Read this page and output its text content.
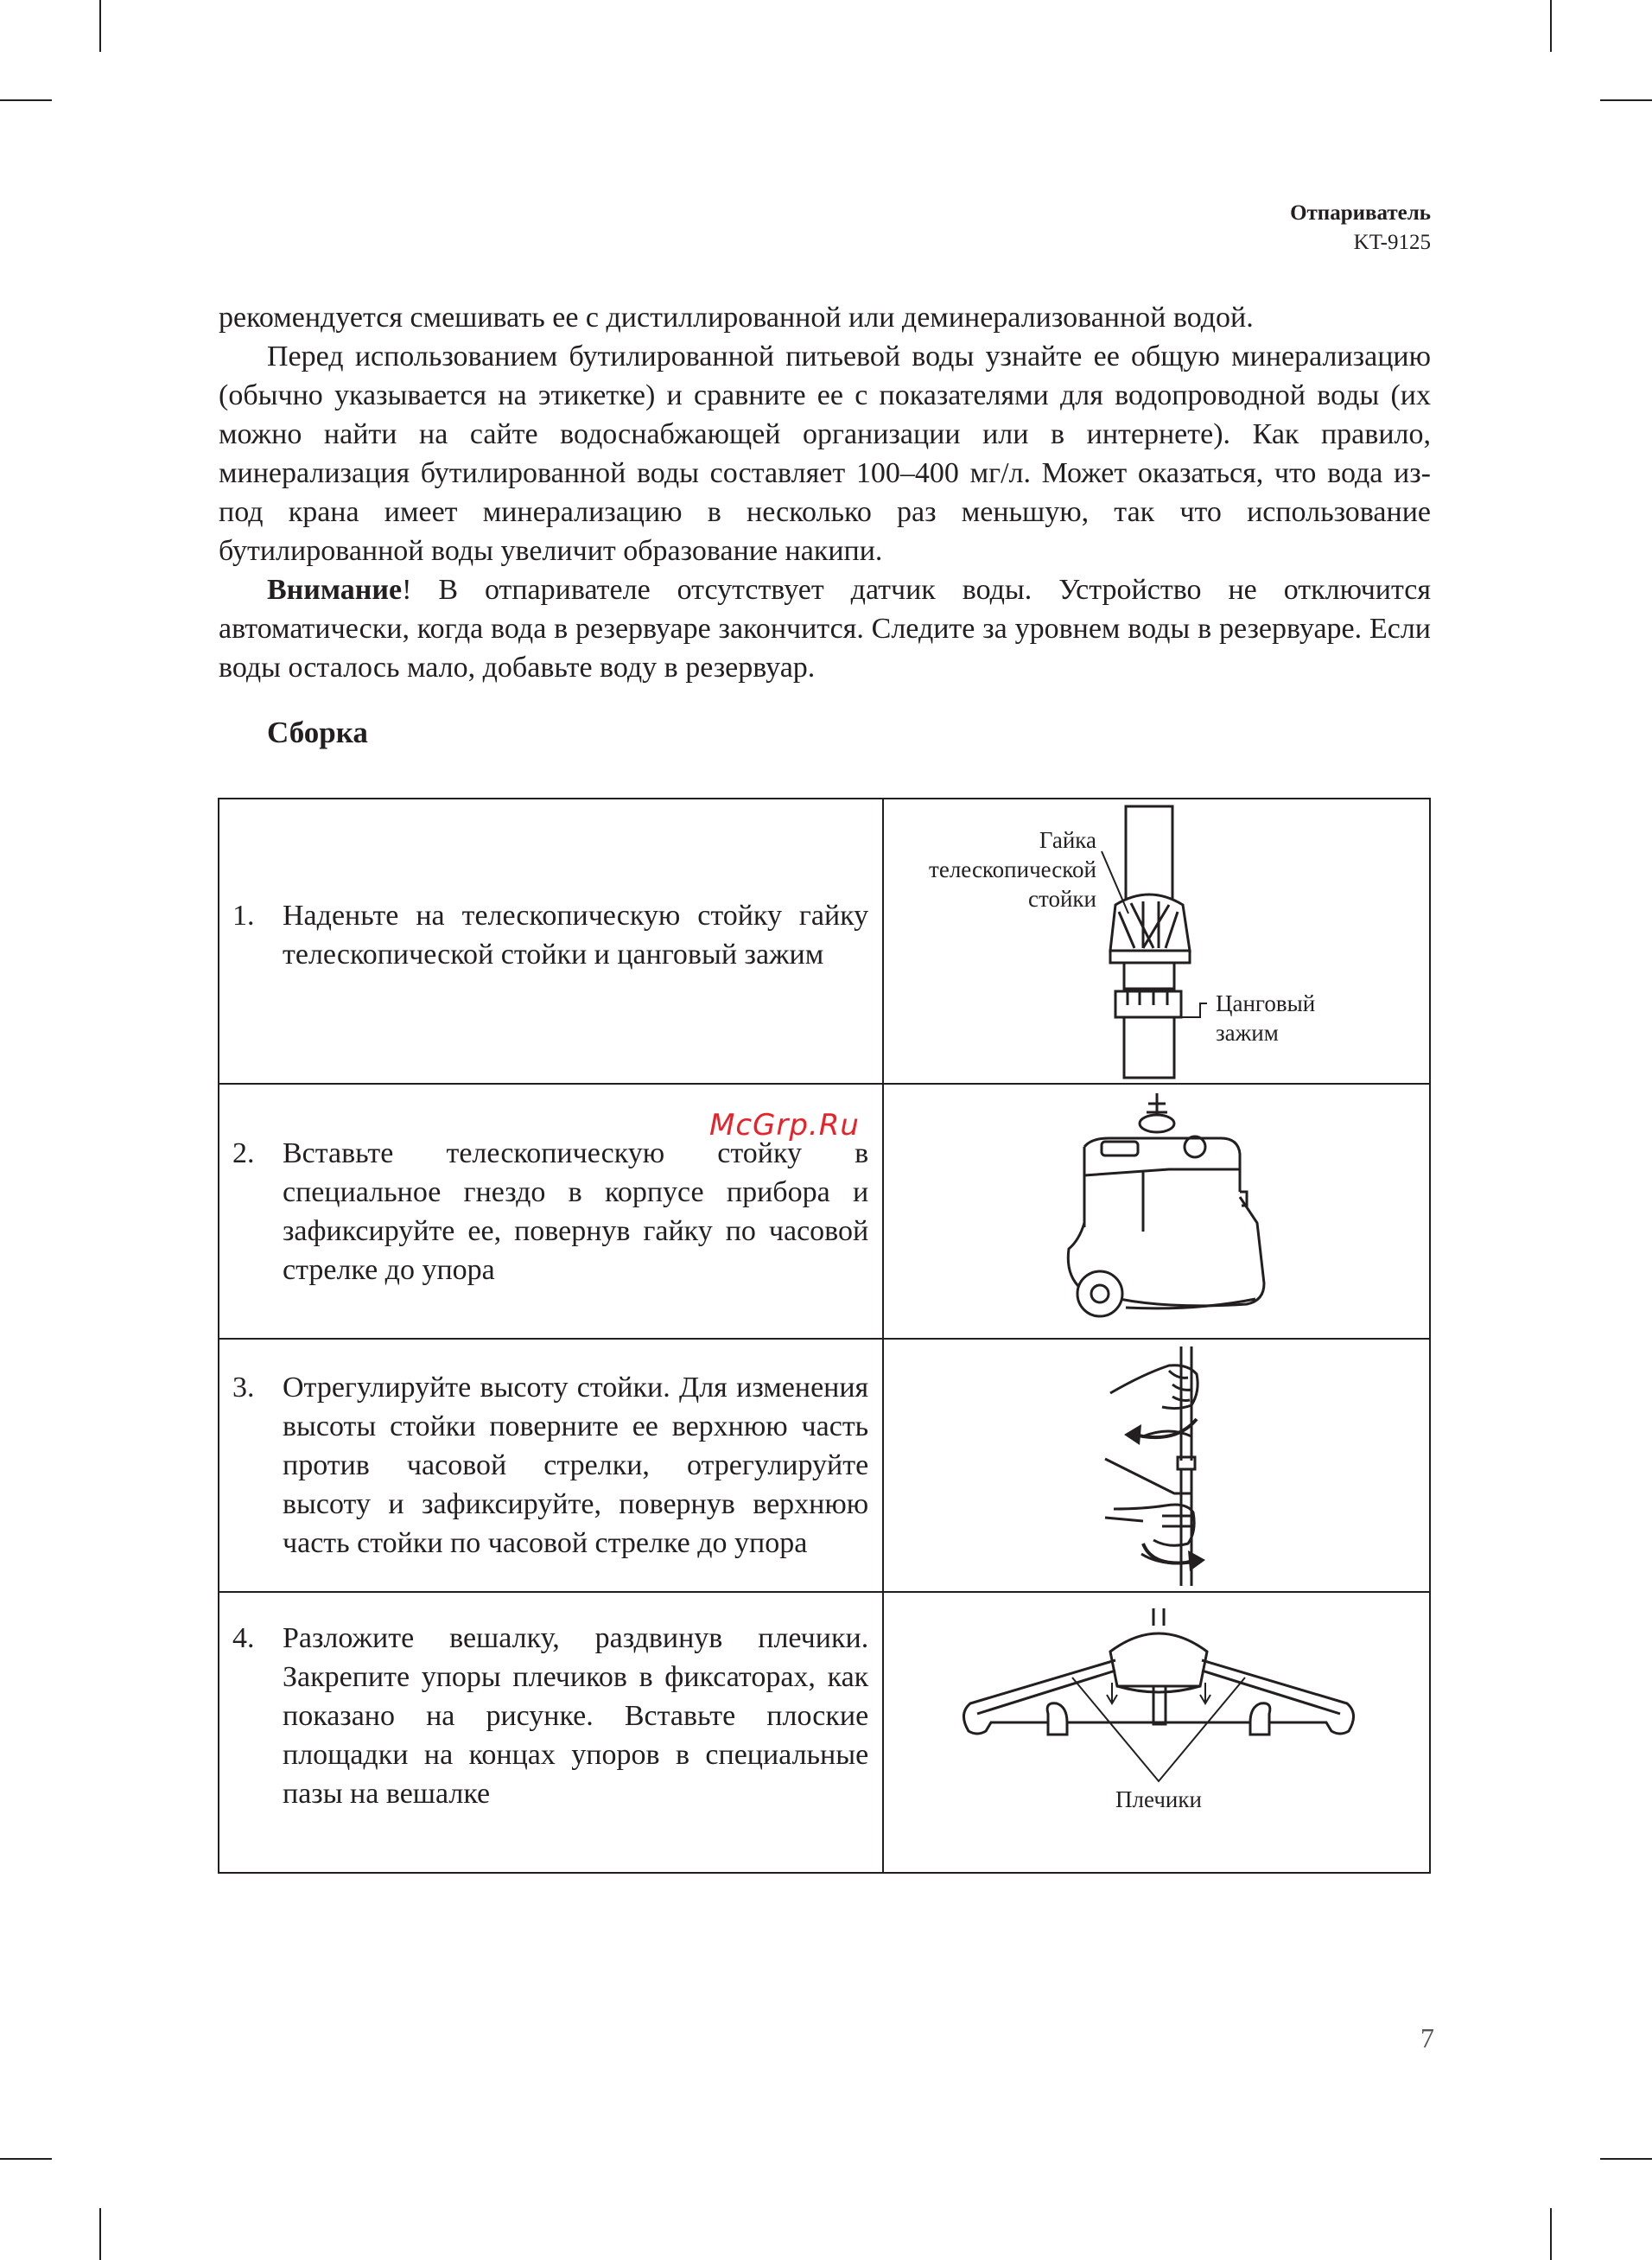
Отпариватель
KT-9125

рекомендуется смешивать ее с дистиллированной или деминерализованной водой.

Перед использованием бутилированной питьевой воды узнайте ее общую минерализацию (обычно указывается на этикетке) и сравните ее с показателями для водопроводной воды (их можно найти на сайте водоснабжающей организации или в интернете). Как правило, минерализация бутилированной воды составляет 100–400 мг/л. Может оказаться, что вода из-под крана имеет минерализацию в несколько раз меньшую, так что использование бутилированной воды увеличит образование накипи.

Внимание! В отпаривателе отсутствует датчик воды. Устройство не отключится автоматически, когда вода в резервуаре закончится. Следите за уровнем воды в резервуаре. Если воды осталось мало, добавьте воду в резервуар.

Сборка
1. Наденьте на телескопическую стойку гайку телескопической стойки и цанговый зажим	Гайка
телескопической
стойки
Цанговый
зажим

2. Вставьте телескопическую стойку в специальное гнездо в корпусе прибора и зафиксируйте ее, повернув гайку по часовой стрелке до упора

3. Отрегулируйте высоту стойки. Для изменения высоты стойки поверните ее верхнюю часть против часовой стрелки, отрегулируйте высоту и зафиксируйте, повернув верхнюю часть стойки по часовой стрелке до упора

4. Разложите вешалку, раздвинув плечики. Закрепите упоры плечиков в фиксаторах, как показано на рисунке. Вставьте плоские площадки на концах упоров в специальные пазы на вешалке	Плечики
McGrp.Ru
7
